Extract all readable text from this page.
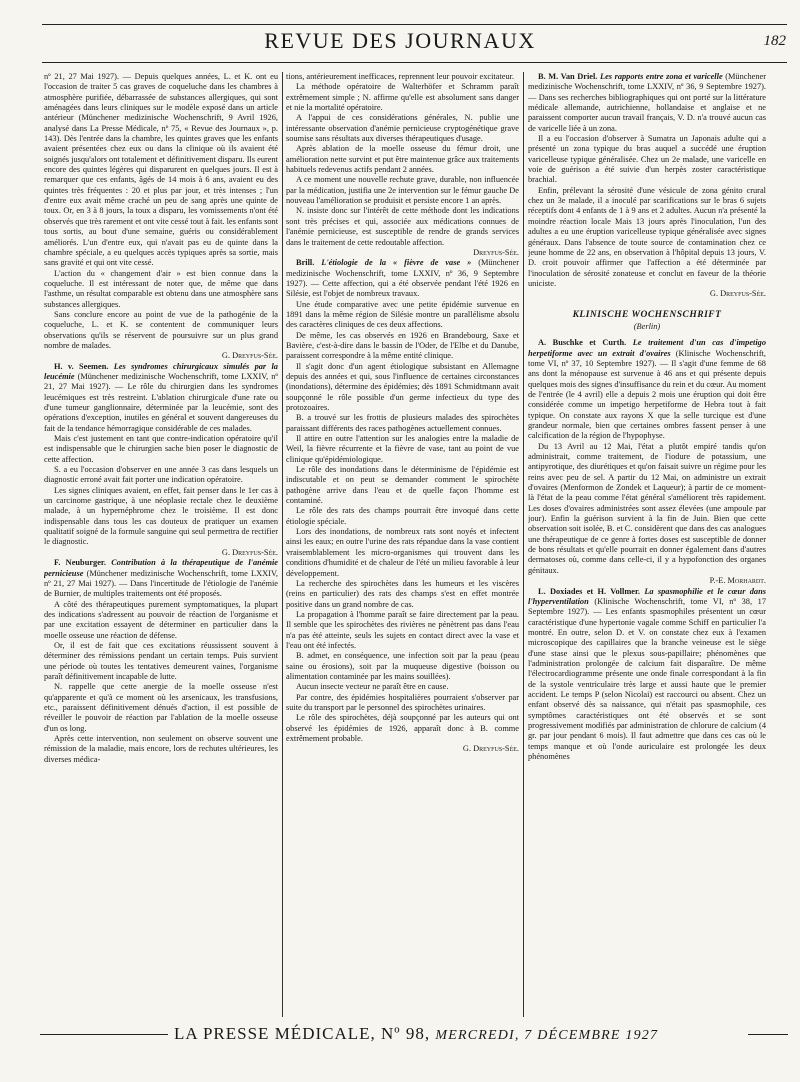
REVUE DES JOURNAUX	182

nº 21, 27 Mai 1927). — Depuis quelques années, L. et K. ont eu l'occasion de traiter 5 cas graves de coqueluche dans les chambres à atmosphère purifiée, débarrassée de substances allergiques, qui sont aménagées dans leurs cliniques sur le modèle exposé dans un article antérieur (Münchener medizinische Wochenschrift, 9 Avril 1926, analysé dans La Presse Médicale, nº 75, « Revue des Journaux », p. 143). Dès l'entrée dans la chambre, les quintes graves que les enfants avaient présentées chez eux ou dans la clinique où ils avaient été soignés jusqu'alors ont totalement et définitivement disparu. Ils eurent encore des quintes légères qui disparurent en quelques jours. Il est à remarquer que ces enfants, âgés de 14 mois à 6 ans, avaient eu des quintes très fréquentes : 20 et plus par jour, et très intenses ; l'un d'entre eux avait même craché un peu de sang après une quinte de toux. Or, en 3 à 8 jours, la toux a disparu, les vomissements n'ont été observés que très rarement et ont vite cessé tout à fait. les enfants sont tous sortis, au bout d'une semaine, guéris ou considérablement améliorés. L'un d'entre eux, qui n'avait pas eu de quinte dans la chambre spéciale, a eu quelques accès typiques après sa sortie, mais sans gravité et qui ont vite cessé.

L'action du « changement d'air » est bien connue dans la coqueluche. Il est intéressant de noter que, de même que dans l'asthme, un résultat comparable est obtenu dans une atmosphère sans substances allergiques.

Sans conclure encore au point de vue de la pathogénie de la coqueluche, L. et K. se contentent de communiquer leurs observations qu'ils se réservent de poursuivre sur un plus grand nombre de malades.

G. Dreyfus-Sée.

H. v. Seemen. Les syndromes chirurgicaux simulés par la leucémie (Münchener medizinische Wochenschrift, tome LXXIV, nº 21, 27 Mai 1927). — Le rôle du chirurgien dans les syndromes leucémiques est très restreint. L'ablation chirurgicale d'une rate ou d'une tumeur ganglionnaire, déterminée par la leucémie, sont des opérations d'exception, inutiles en général et souvent dangereuses du fait de la tendance hémorragique considérable de ces malades.

Mais c'est justement en tant que contre-indication opératoire qu'il est indispensable que le chirurgien sache bien poser le diagnostic de cette affection.

S. a eu l'occasion d'observer en une année 3 cas dans lesquels un diagnostic erroné avait fait porter une indication opératoire.

Les signes cliniques avaient, en effet, fait penser dans le 1er cas à un carcinome gastrique, à une néoplasie rectale chez le deuxième malade, à un hypernéphrome chez le troisième. Il est donc indispensable dans tous les cas douteux de pratiquer un examen qualitatif soigné de la formule sanguine qui seul permettra de rectifier le diagnostic.

G. Dreyfus-Sée.

F. Neuburger. Contribution à la thérapeutique de l'anémie pernicieuse (Münchener medizinische Wochenschrift, tome LXXIV, nº 21, 27 Mai 1927). — Dans l'incertitude de l'étiologie de l'anémie de Burnier, de multiples traitements ont été proposés.

A côté des thérapeutiques purement symptomatiques, la plupart des indications s'adressent au pouvoir de réaction de l'organisme et par une excitation essayent de déterminer en particulier dans la moelle osseuse une réaction de défense.

Or, il est de fait que ces excitations réussissent souvent à déterminer des rémissions pendant un certain temps. Puis survient une période où toutes les tentatives demeurent vaines, l'organisme paraît définitivement incapable de lutte.

N. rappelle que cette anergie de la moelle osseuse n'est qu'apparente et qu'à ce moment où les arsenicaux, les transfusions, etc., paraissent définitivement dénués d'action, il est possible de réveiller le pouvoir de réaction par l'ablation de la moelle osseuse d'un os long.

Après cette intervention, non seulement on observe souvent une rémission de la maladie, mais encore, lors de rechutes ultérieures, les diverses médica-

tions, antérieurement inefficaces, reprennent leur pouvoir excitateur.

La méthode opératoire de Walterhöfer et Schramm paraît extrêmement simple ; N. affirme qu'elle est absolument sans danger et nie la mortalité opératoire.

A l'appui de ces considérations générales, N. publie une intéressante observation d'anémie pernicieuse cryptogénétique grave soumise sans résultats aux diverses thérapeutiques d'usage.

Après ablation de la moelle osseuse du fémur droit, une amélioration nette survint et put être maintenue grâce aux traitements habituels redevenus actifs pendant 2 années.

A ce moment une nouvelle rechute grave, durable, non influencée par la médication, justifia une 2e intervention sur le fémur gauche De nouveau l'amélioration se produisit et persiste encore 1 an après.

N. insiste donc sur l'intérêt de cette méthode dont les indications sont très précises et qui, associée aux médications connues de l'anémie pernicieuse, est susceptible de rendre de grands services dans le traitement de cette redoutable affection.

Dreyfus-Sée.

Brill. L'étiologie de la « fièvre de vase » (Münchener medizinische Wochenschrift, tome LXXIV, nº 36, 9 Septembre 1927). — Cette affection, qui a été observée pendant l'été 1926 en Silésie, est l'objet de nombreux travaux.

Une étude comparative avec une petite épidémie survenue en 1891 dans la même région de Silésie montre un parallélisme absolu des caractères cliniques de ces deux affections.

De même, les cas observés en 1926 en Brandebourg, Saxe et Bavière, c'est-à-dire dans le bassin de l'Oder, de l'Elbe et du Danube, paraissent correspondre à la même entité clinique.

Il s'agit donc d'un agent étiologique subsistant en Allemagne depuis des années et qui, sous l'influence de certaines circonstances (inondations), détermine des épidémies; dès 1891 Schmidtmann avait soupçonné le rôle possible d'un germe infectieux du type des protozoaires.

B. a trouvé sur les frottis de plusieurs malades des spirochètes paraissant différents des races pathogènes actuellement connues.

Il attire en outre l'attention sur les analogies entre la maladie de Weil, la fièvre récurrente et la fièvre de vase, tant au point de vue clinique qu'épidémiologique.

Le rôle des inondations dans le déterminisme de l'épidémie est indiscutable et on peut se demander comment le spirochète pathogène arrive dans l'eau et de quelle façon l'homme est contaminé.

Le rôle des rats des champs pourrait être invoqué dans cette étiologie spéciale.

Lors des inondations, de nombreux rats sont noyés et infectent ainsi les eaux; en outre l'urine des rats répandue dans la vase contient vraisemblablement les micro-organismes qui trouvent dans les conditions d'humidité et de chaleur de l'été un milieu favorable à leur développement.

La recherche des spirochètes dans les humeurs et les viscères (reins en particulier) des rats des champs s'est en effet montrée positive dans un grand nombre de cas.

La propagation à l'homme paraît se faire directement par la peau. Il semble que les spirochètes des rivières ne pénètrent pas dans l'eau n'a pas été atteinte, seuls les sujets en contact direct avec la vase et l'eau ont été infectés.

B. admet, en conséquence, une infection soit par la peau (peau saine ou érosions), soit par la muqueuse digestive (boisson ou alimentation contaminée par les mains souillées).

Aucun insecte vecteur ne paraît être en cause.

Par contre, des épidémies hospitalières pourraient s'observer par suite du transport par le personnel des spirochètes urinaires.

Le rôle des spirochètes, déjà soupçonné par les auteurs qui ont observé les épidémies de 1926, apparaît donc à B. comme extrêmement probable.

G. Dreyfus-Sée.

B. M. Van Driel. Les rapports entre zona et varicelle (Münchener medizinische Wochenschrift, tome LXXIV, nº 36, 9 Septembre 1927). — Dans ses recherches bibliographiques qui ont porté sur la littérature médicale allemande, autrichienne, hollandaise et anglaise et ne paraissent comporter aucun travail français, V. D. n'a trouvé aucun cas de varicelle liée à un zona.

Il a eu l'occasion d'observer à Sumatra un Japonais adulte qui a présenté un zona typique du bras auquel a succédé une éruption varicelleuse typique généralisée. Chez un 2e malade, une varicelle en voie de guérison a été suivie d'un herpès zoster caractéristique brachial.

Enfin, prélevant la sérosité d'une vésicule de zona génito crural chez un 3e malade, il a inoculé par scarifications sur le bras 6 sujets réceptifs dont 4 enfants de 1 à 9 ans et 2 adultes. Aucun n'a présenté la moindre réaction locale Mais 13 jours après l'inoculation, l'un des adultes a eu une éruption varicelleuse typique généralisée avec signes généraux. Dans l'absence de toute source de contamination chez ce jeune homme de 22 ans, en observation à l'hôpital depuis 13 jours, V. D. croit pouvoir affirmer que l'affection a été déterminée par l'inoculation de sérosité zonateuse et conclut en faveur de la théorie uniciste.

G. Dreyfus-Sée.

KLINISCHE WOCHENSCHRIFT
(Berlin)

A. Buschke et Curth. Le traitement d'un cas d'impetigo herpetiforme avec un extrait d'ovaires (Klinische Wochenschrift, tome VI, nº 37, 10 Septembre 1927). — Il s'agit d'une femme de 68 ans dont la ménopause est survenue à 46 ans et qui présente depuis quelques mois des signes d'insuffisance du rein et du cœur. Au moment de l'entrée (le 4 avril) elle a depuis 2 mois une éruption qui doit être considérée comme un impetigo herpetiforme de Hebra tout à fait typique. On constate aux rayons X que la selle turcique est d'une grandeur normale, bien que certaines ombres fassent penser à une calcification de la région de l'hypophyse.

Du 13 Avril au 12 Mai, l'état a plutôt empiré tandis qu'on administrait, comme traitement, de l'iodure de potassium, une antipyrotique, des diurétiques et qu'on faisait suivre un régime pour les reins avec peu de sel. A partir du 12 Mai, on administre un extrait d'ovaires (Menformon de Zondek et Laqueur); à partir de ce moment-là l'état de la peau comme l'état général s'améliorent très rapidement. Les doses d'ovaires administrées sont assez élevées (une ampoule par jour). Enfin la guérison survient à la fin de Juin. Bien que cette observation soit isolée, B. et C. considèrent que dans des cas analogues une thérapeutique de ce genre à fortes doses est susceptible de donner de bons résultats et qu'elle pourrait en donner également dans d'autres dermatoses où, comme dans celle-ci, il y a hypofonction des organes génitaux.

P.-E. Morhardt.

L. Doxiades et H. Vollmer. La spasmophilie et le cœur dans l'hyperventilation (Klinische Wochenschrift, tome VI, nº 38, 17 Septembre 1927). — Les enfants spasmophiles présentent un cœur caractéristique d'une hypertonie vagale comme Schiff en particulier l'a montré. En outre, selon D. et V. on constate chez eux à l'examen microscopique des capillaires que la branche veineuse est le siège d'une stase ainsi que le plexus sous-papillaire; phénomènes que l'administration prolongée de calcium fait disparaître. De même l'électrocardiogramme présente une onde finale correspondant à la fin de la systole ventriculaire très large et aussi haute que le premier accident. Le temps P (selon Nicolai) est raccourci ou absent. Chez un enfant observé dès sa naissance, qui n'était pas spasmophile, ces symptômes caractéristiques ont été observés et se sont progressivement modifiés par administration de chlorure de calcium (4 gr. par jour pendant 6 mois). Il faut admettre que dans ces cas où le temps manque et où l'onde auriculaire est prolongée les deux phénomènes

LA PRESSE MÉDICALE, Nº 98, MERCREDI, 7 DÉCEMBRE 1927
